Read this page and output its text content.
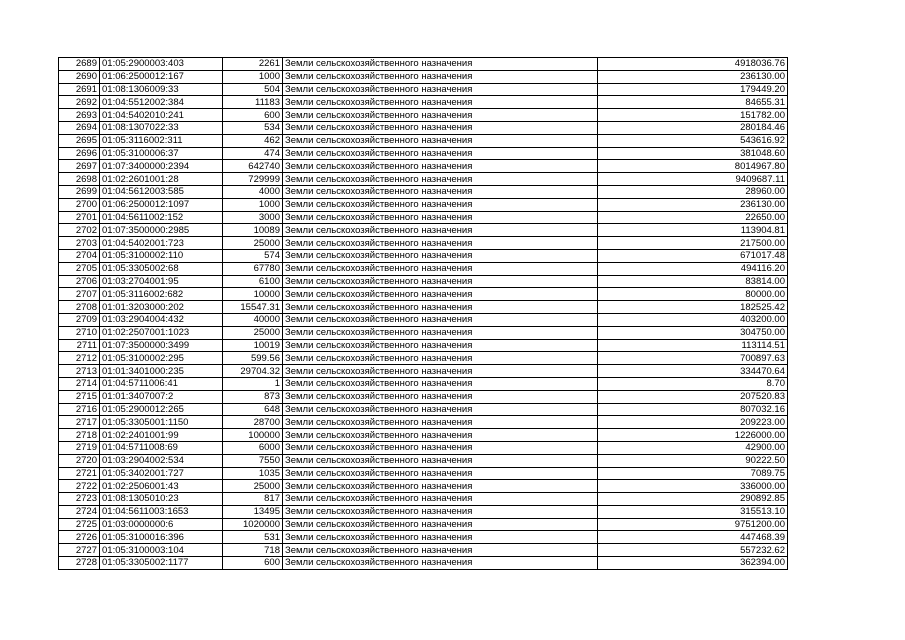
2689	01:05:2900003:403	2261	Земли сельскохозяйственного назначения	4918036.76
2690	01:06:2500012:167	1000	Земли сельскохозяйственного назначения	236130.00
2691	01:08:1306009:33	504	Земли сельскохозяйственного назначения	179449.20
2692	01:04:5512002:384	11183	Земли сельскохозяйственного назначения	84655.31
2693	01:04:5402010:241	600	Земли сельскохозяйственного назначения	151782.00
2694	01:08:1307022:33	534	Земли сельскохозяйственного назначения	280184.46
2695	01:05:3116002:311	462	Земли сельскохозяйственного назначения	543616.92
2696	01:05:3100006:37	474	Земли сельскохозяйственного назначения	381048.60
2697	01:07:3400000:2394	642740	Земли сельскохозяйственного назначения	8014967.80
2698	01:02:2601001:28	729999	Земли сельскохозяйственного назначения	9409687.11
2699	01:04:5612003:585	4000	Земли сельскохозяйственного назначения	28960.00
2700	01:06:2500012:1097	1000	Земли сельскохозяйственного назначения	236130.00
2701	01:04:5611002:152	3000	Земли сельскохозяйственного назначения	22650.00
2702	01:07:3500000:2985	10089	Земли сельскохозяйственного назначения	113904.81
2703	01:04:5402001:723	25000	Земли сельскохозяйственного назначения	217500.00
2704	01:05:3100002:110	574	Земли сельскохозяйственного назначения	671017.48
2705	01:05:3305002:68	67780	Земли сельскохозяйственного назначения	494116.20
2706	01:03:2704001:95	6100	Земли сельскохозяйственного назначения	83814.00
2707	01:05:3116002:682	10000	Земли сельскохозяйственного назначения	80000.00
2708	01:01:3203000:202	15547.31	Земли сельскохозяйственного назначения	182525.42
2709	01:03:2904004:432	40000	Земли сельскохозяйственного назначения	403200.00
2710	01:02:2507001:1023	25000	Земли сельскохозяйственного назначения	304750.00
2711	01:07:3500000:3499	10019	Земли сельскохозяйственного назначения	113114.51
2712	01:05:3100002:295	599.56	Земли сельскохозяйственного назначения	700897.63
2713	01:01:3401000:235	29704.32	Земли сельскохозяйственного назначения	334470.64
2714	01:04:5711006:41	1	Земли сельскохозяйственного назначения	8.70
2715	01:01:3407007:2	873	Земли сельскохозяйственного назначения	207520.83
2716	01:05:2900012:265	648	Земли сельскохозяйственного назначения	807032.16
2717	01:05:3305001:1150	28700	Земли сельскохозяйственного назначения	209223.00
2718	01:02:2401001:99	100000	Земли сельскохозяйственного назначения	1226000.00
2719	01:04:5711008:69	6000	Земли сельскохозяйственного назначения	42900.00
2720	01:03:2904002:534	7550	Земли сельскохозяйственного назначения	90222.50
2721	01:05:3402001:727	1035	Земли сельскохозяйственного назначения	7089.75
2722	01:02:2506001:43	25000	Земли сельскохозяйственного назначения	336000.00
2723	01:08:1305010:23	817	Земли сельскохозяйственного назначения	290892.85
2724	01:04:5611003:1653	13495	Земли сельскохозяйственного назначения	315513.10
2725	01:03:0000000:6	1020000	Земли сельскохозяйственного назначения	9751200.00
2726	01:05:3100016:396	531	Земли сельскохозяйственного назначения	447468.39
2727	01:05:3100003:104	718	Земли сельскохозяйственного назначения	557232.62
2728	01:05:3305002:1177	600	Земли сельскохозяйственного назначения	362394.00
